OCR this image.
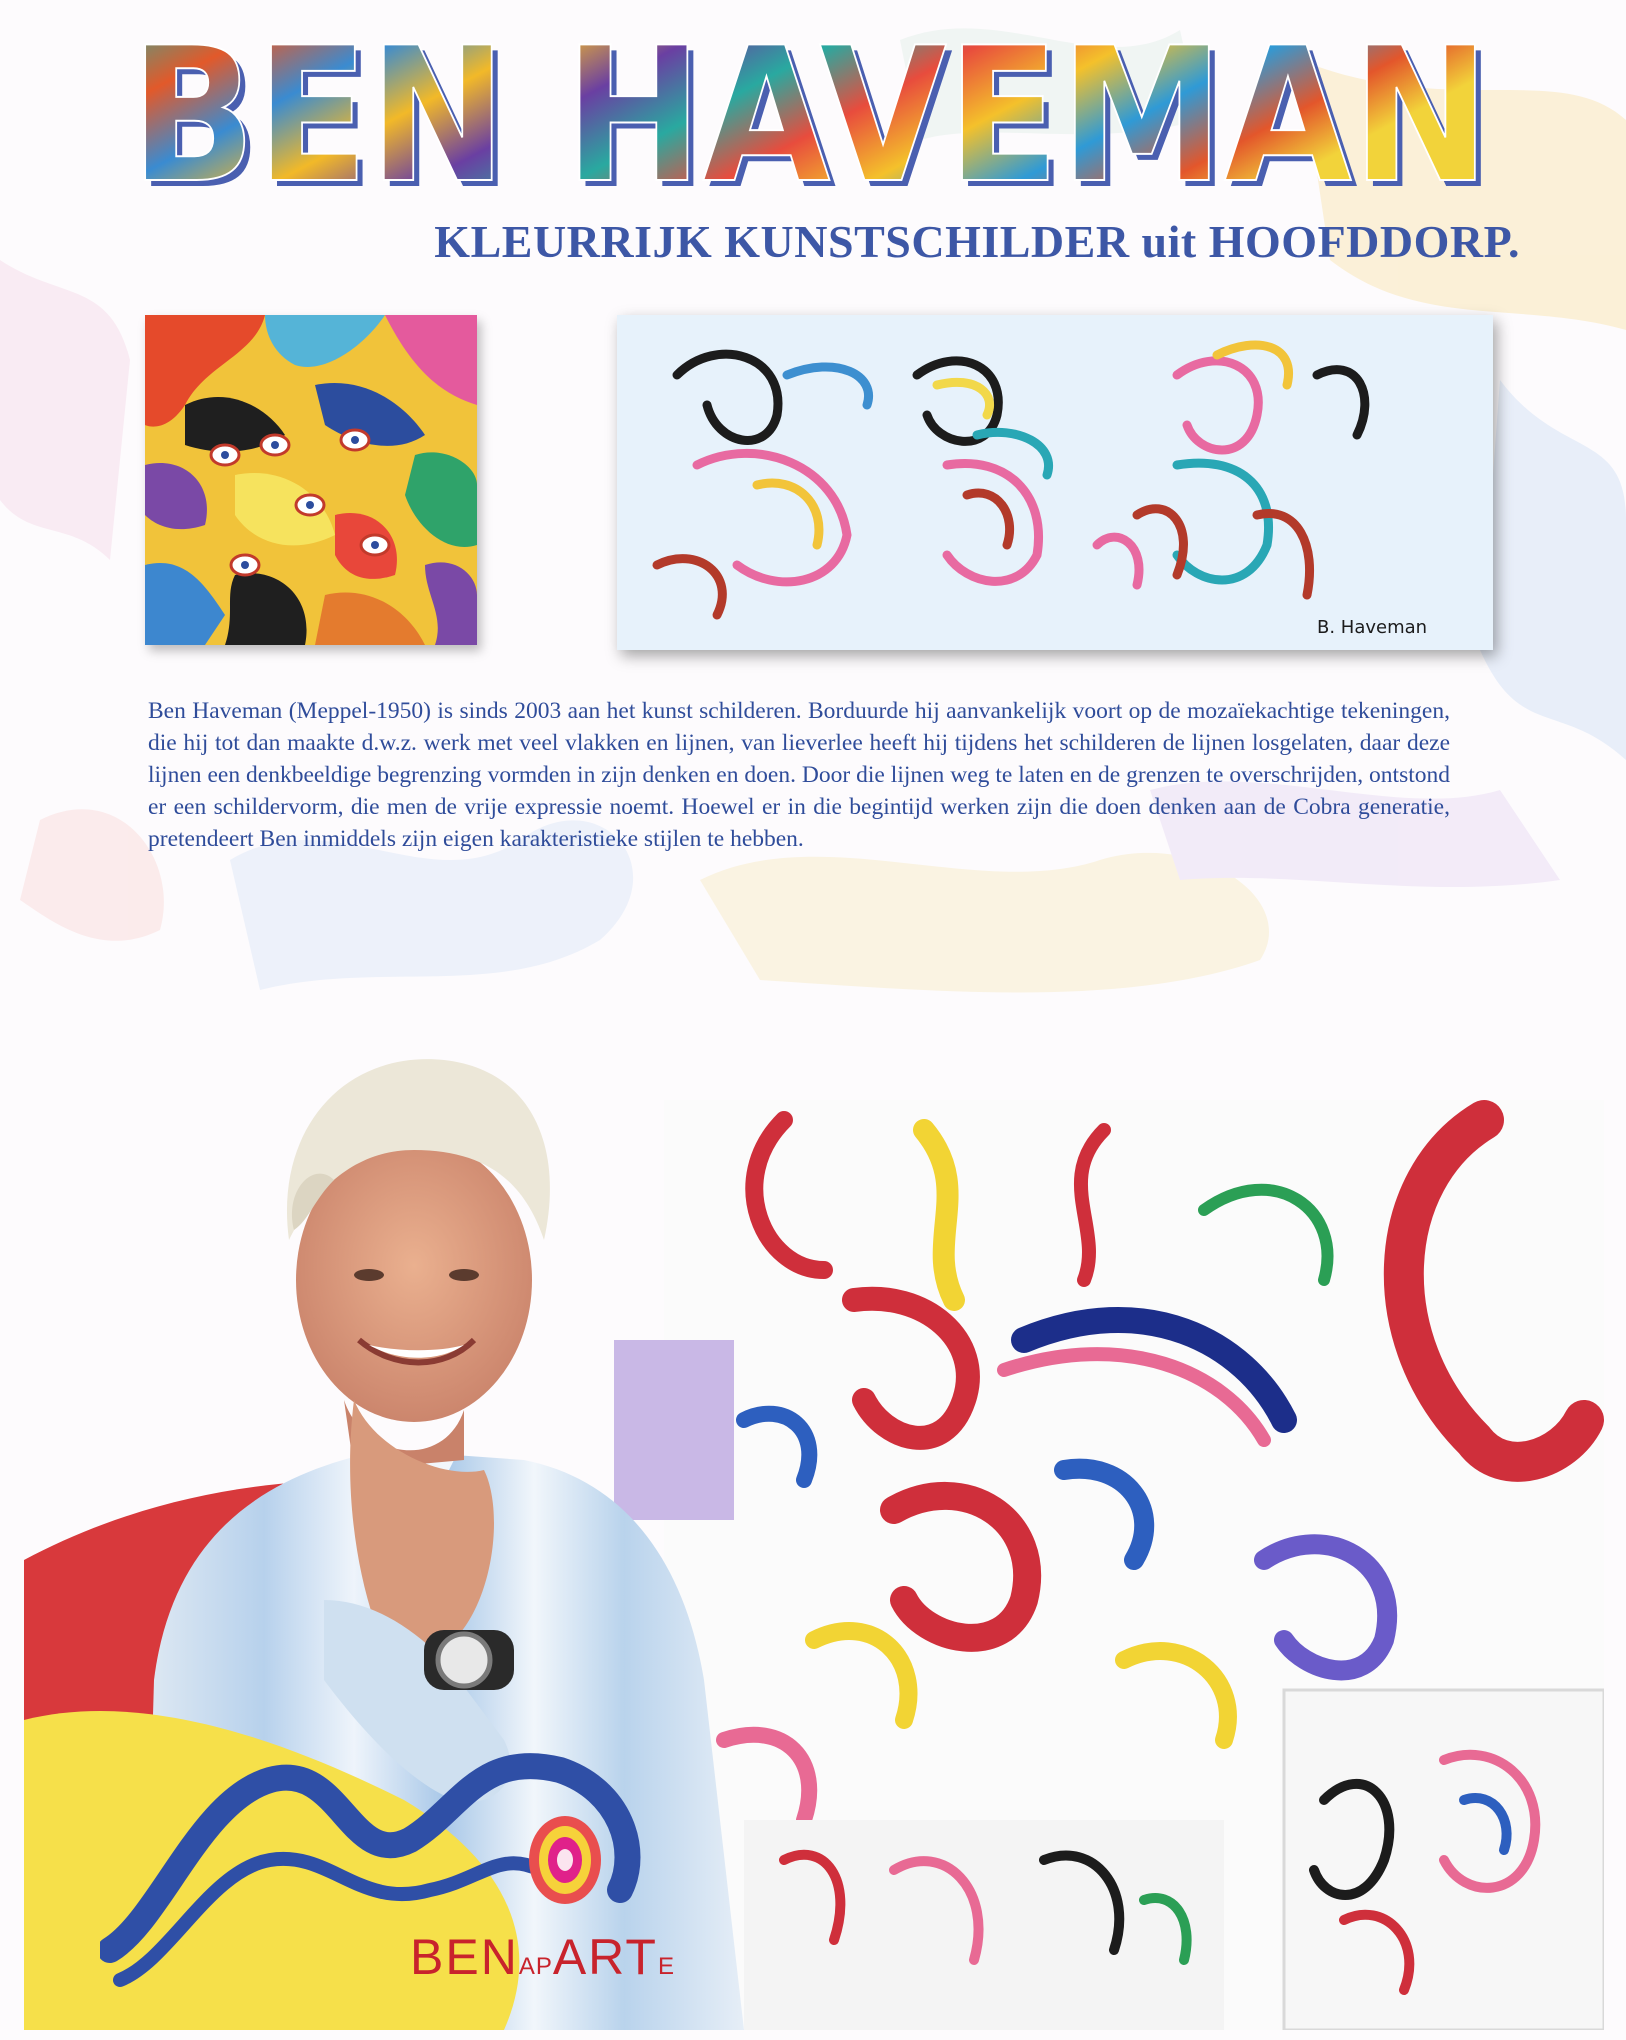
BEN HAVEMAN
BEN HAVEMAN

KLEURRIJK KUNSTSCHILDER uit HOOFDDORP.

B. Haveman

Ben Haveman (Meppel-1950) is sinds 2003 aan het kunst schilderen. Borduurde hij aanvankelijk voort op de mozaïekachtige tekeningen, die hij tot dan maakte d.w.z. werk met veel vlakken en lijnen, van lieverlee heeft hij tijdens het schilderen de lijnen losgelaten, daar deze lijnen een denkbeeldige begrenzing vormden in zijn denken en doen. Door die lijnen weg te laten en de grenzen te overschrijden, ontstond er een schildervorm, die men de vrije expressie noemt. Hoewel er in die begintijd werken zijn die doen denken aan de Cobra generatie, pretendeert Ben inmiddels zijn eigen karakteristieke stijlen te hebben.

BENAPARTE
